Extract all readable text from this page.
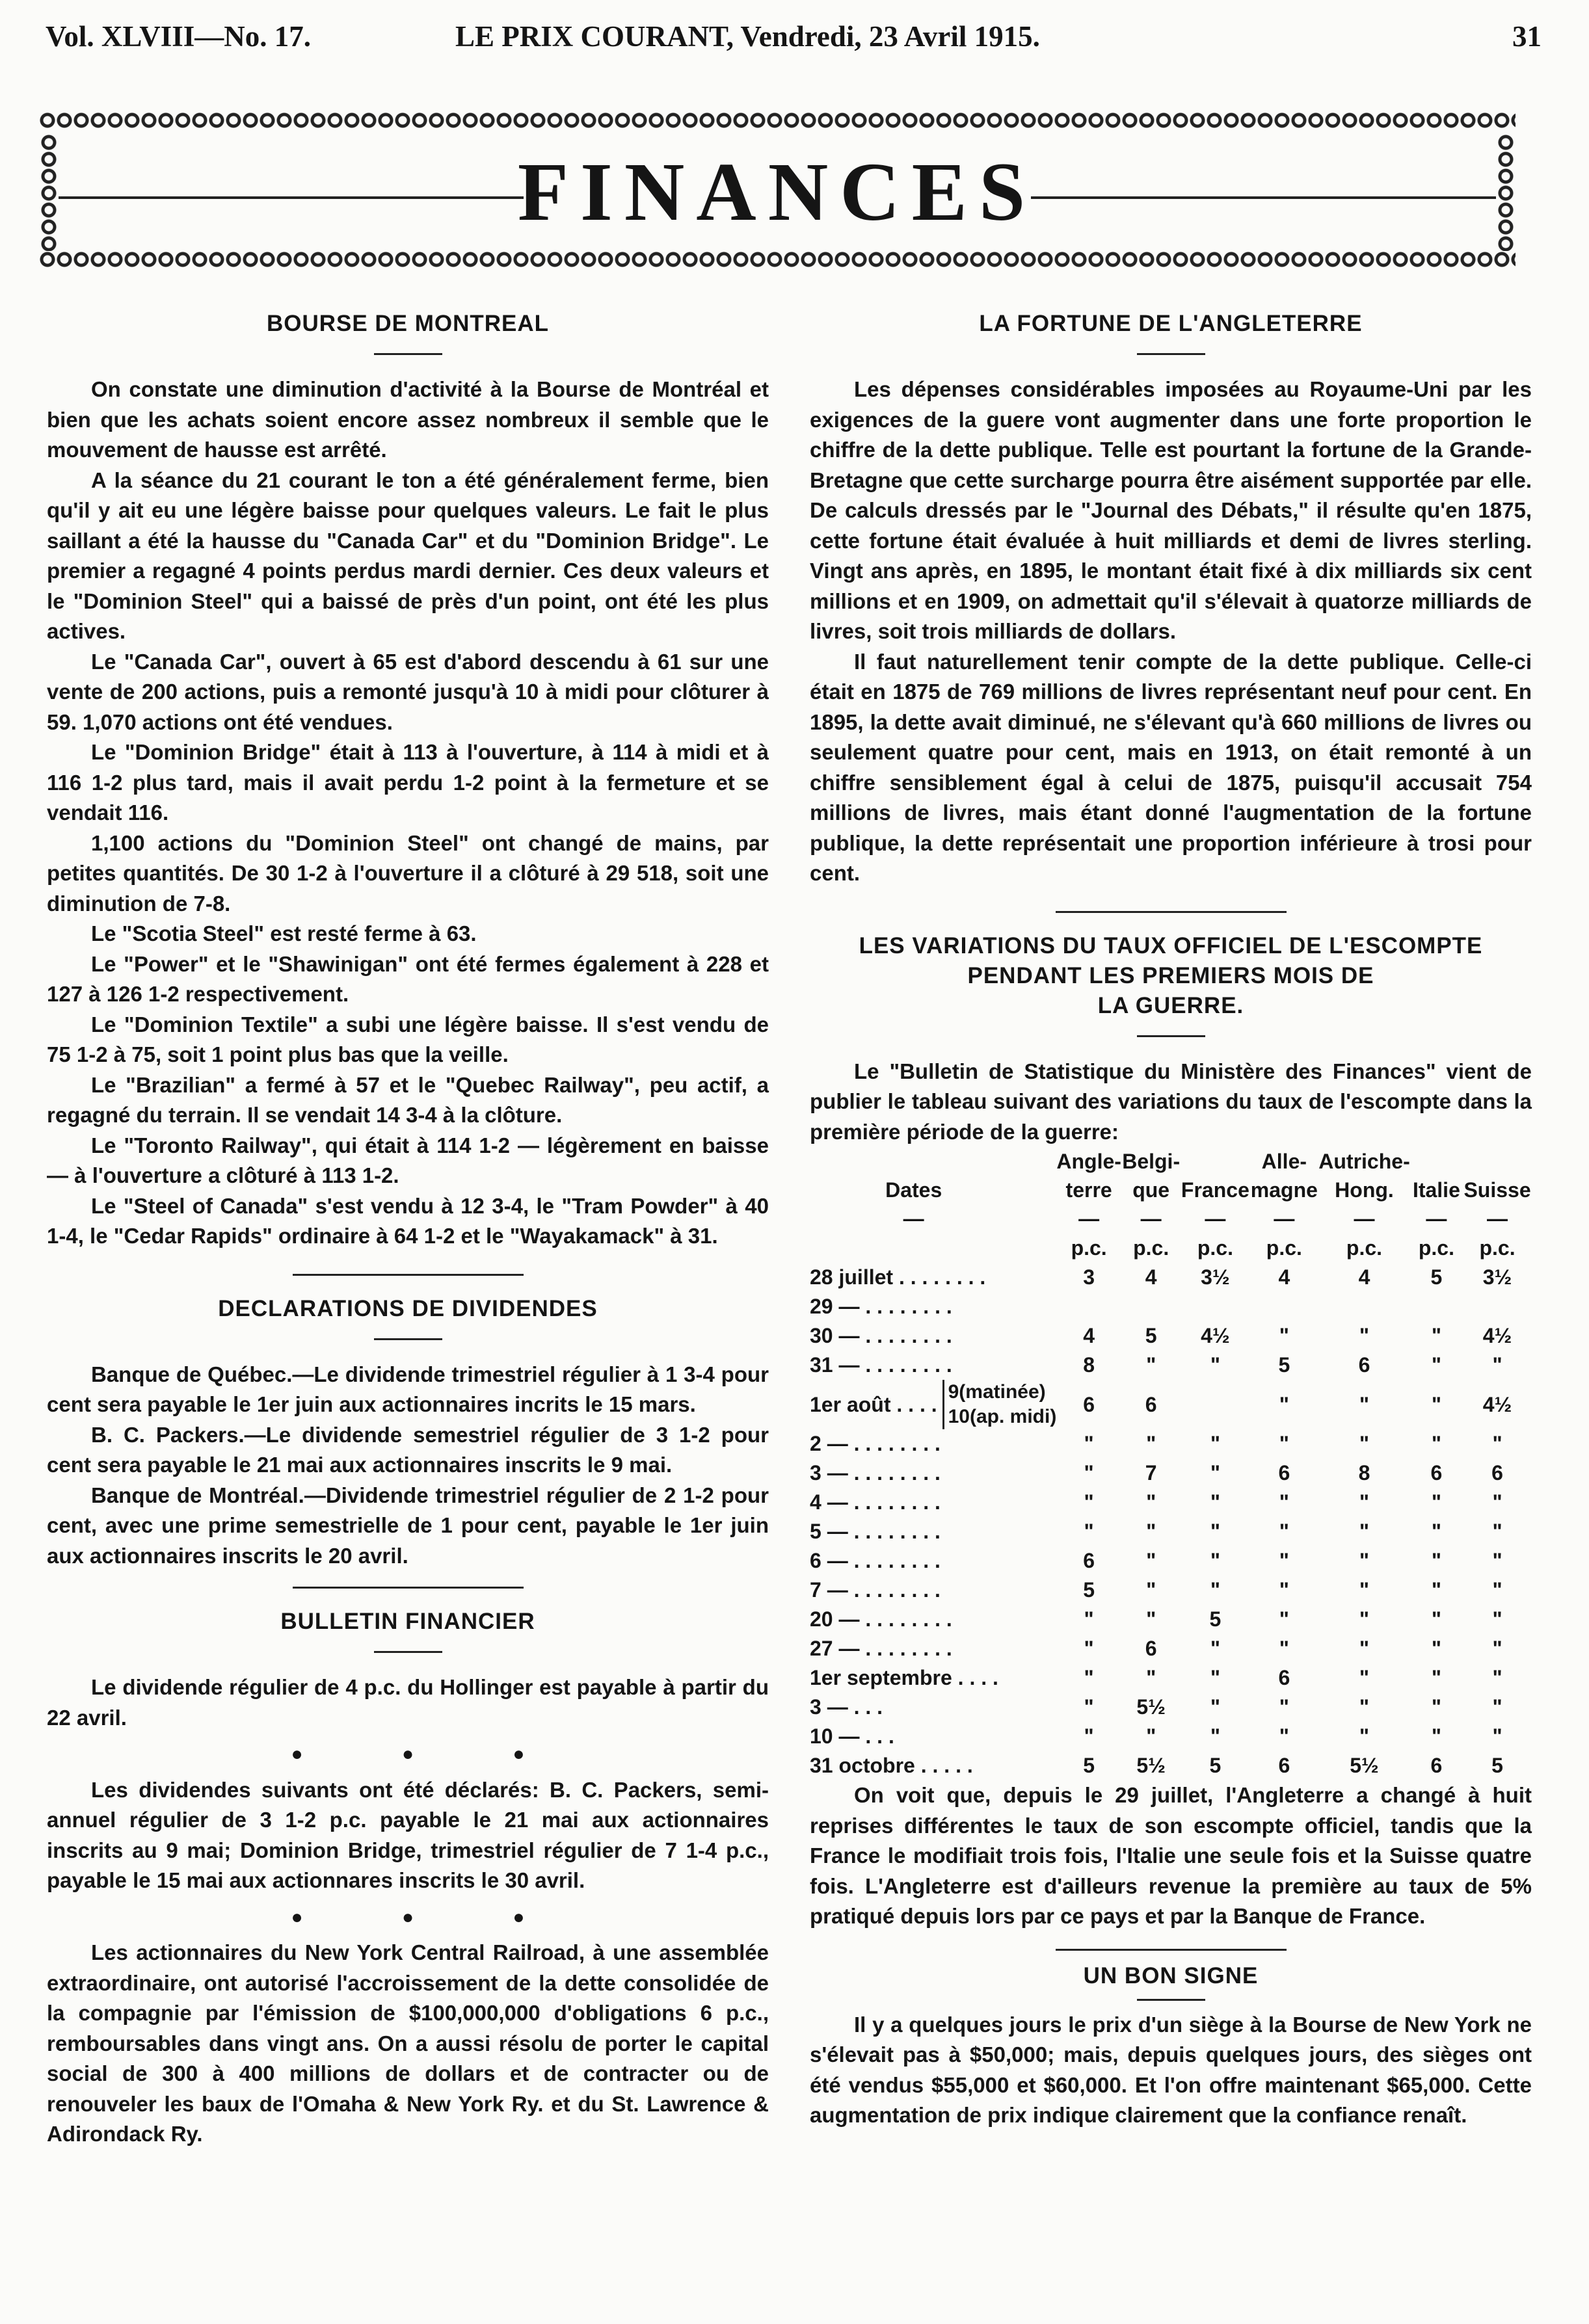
Vol. XLVIII—No. 17.	LE PRIX COURANT, Vendredi, 23 Avril 1915.	31
FINANCES
BOURSE DE MONTREAL

On constate une diminution d'activité à la Bourse de Montréal et bien que les achats soient encore assez nombreux il semble que le mouvement de hausse est arrêté.

A la séance du 21 courant le ton a été généralement ferme, bien qu'il y ait eu une légère baisse pour quelques valeurs. Le fait le plus saillant a été la hausse du "Canada Car" et du "Dominion Bridge". Le premier a regagné 4 points perdus mardi dernier. Ces deux valeurs et le "Dominion Steel" qui a baissé de près d'un point, ont été les plus actives.

Le "Canada Car", ouvert à 65 est d'abord descendu à 61 sur une vente de 200 actions, puis a remonté jusqu'à 10 à midi pour clôturer à 59. 1,070 actions ont été vendues.

Le "Dominion Bridge" était à 113 à l'ouverture, à 114 à midi et à 116 1-2 plus tard, mais il avait perdu 1-2 point à la fermeture et se vendait 116.

1,100 actions du "Dominion Steel" ont changé de mains, par petites quantités. De 30 1-2 à l'ouverture il a clôturé à 29 518, soit une diminution de 7-8.

Le "Scotia Steel" est resté ferme à 63.

Le "Power" et le "Shawinigan" ont été fermes également à 228 et 127 à 126 1-2 respectivement.

Le "Dominion Textile" a subi une légère baisse. Il s'est vendu de 75 1-2 à 75, soit 1 point plus bas que la veille.

Le "Brazilian" a fermé à 57 et le "Quebec Railway", peu actif, a regagné du terrain. Il se vendait 14 3-4 à la clôture.

Le "Toronto Railway", qui était à 114 1-2 — légèrement en baisse — à l'ouverture a clôturé à 113 1-2.

Le "Steel of Canada" s'est vendu à 12 3-4, le "Tram Powder" à 40 1-4, le "Cedar Rapids" ordinaire à 64 1-2 et le "Wayakamack" à 31.

DECLARATIONS DE DIVIDENDES

Banque de Québec.—Le dividende trimestriel régulier à 1 3-4 pour cent sera payable le 1er juin aux actionnaires incrits le 15 mars.

B. C. Packers.—Le dividende semestriel régulier de 3 1-2 pour cent sera payable le 21 mai aux actionnaires inscrits le 9 mai.

Banque de Montréal.—Dividende trimestriel régulier de 2 1-2 pour cent, avec une prime semestrielle de 1 pour cent, payable le 1er juin aux actionnaires inscrits le 20 avril.

BULLETIN FINANCIER

Le dividende régulier de 4 p.c. du Hollinger est payable à partir du 22 avril.

● ● ●

Les dividendes suivants ont été déclarés: B. C. Packers, semi-annuel régulier de 3 1-2 p.c. payable le 21 mai aux actionnaires inscrits au 9 mai; Dominion Bridge, trimestriel régulier de 7 1-4 p.c., payable le 15 mai aux actionnares inscrits le 30 avril.

● ● ●

Les actionnaires du New York Central Railroad, à une assemblée extraordinaire, ont autorisé l'accroissement de la dette consolidée de la compagnie par l'émission de $100,000,000 d'obligations 6 p.c., remboursables dans vingt ans. On a aussi résolu de porter le capital social de 300 à 400 millions de dollars et de contracter ou de renouveler les baux de l'Omaha & New York Ry. et du St. Lawrence & Adirondack Ry.

LA FORTUNE DE L'ANGLETERRE

Les dépenses considérables imposées au Royaume-Uni par les exigences de la guere vont augmenter dans une forte proportion le chiffre de la dette publique. Telle est pourtant la fortune de la Grande-Bretagne que cette surcharge pourra être aisément supportée par elle. De calculs dressés par le "Journal des Débats," il résulte qu'en 1875, cette fortune était évaluée à huit milliards et demi de livres sterling. Vingt ans après, en 1895, le montant était fixé à dix milliards six cent millions et en 1909, on admettait qu'il s'élevait à quatorze milliards de livres, soit trois milliards de dollars.

Il faut naturellement tenir compte de la dette publique. Celle-ci était en 1875 de 769 millions de livres représentant neuf pour cent. En 1895, la dette avait diminué, ne s'élevant qu'à 660 millions de livres ou seulement quatre pour cent, mais en 1913, on était remonté à un chiffre sensiblement égal à celui de 1875, puisqu'il accusait 754 millions de livres, mais étant donné l'augmentation de la fortune publique, la dette représentait une proportion inférieure à trosi pour cent.

LES VARIATIONS DU TAUX OFFICIEL DE L'ESCOMPTE
PENDANT LES PREMIERS MOIS DE
LA GUERRE.

Le "Bulletin de Statistique du Ministère des Finances" vient de publier le tableau suivant des variations du taux de l'escompte dans la première période de la guerre:

	Angle-	Belgi-		Alle-	Autriche-		
Dates	terre	que	France	magne	Hong.	Italie	Suisse
—	—	—	—	—	—	—	—
	p.c.	p.c.	p.c.	p.c.	p.c.	p.c.	p.c.
28 juillet . . . . . . . .	3	4	3½	4	4	5	3½
29 — . . . . . . . .							
30 — . . . . . . . .	4	5	4½	"	"	"	4½
31 — . . . . . . . .	8	"	"	5	6	"	"

1er août . . . .
9(matinée)
10(ap. midi)	6	6		"	"	"	4½
2 — . . . . . . . .	"	"	"	"	"	"	"
3 — . . . . . . . .	"	7	"	6	8	6	6
4 — . . . . . . . .	"	"	"	"	"	"	"
5 — . . . . . . . .	"	"	"	"	"	"	"
6 — . . . . . . . .	6	"	"	"	"	"	"
7 — . . . . . . . .	5	"	"	"	"	"	"
20 — . . . . . . . .	"	"	5	"	"	"	"
27 — . . . . . . . .	"	6	"	"	"	"	"
1er septembre . . . .	"	"	"	6	"	"	"
3 — . . .	"	5½	"	"	"	"	"
10 — . . .	"	"	"	"	"	"	"
31 octobre . . . . .	5	5½	5	6	5½	6	5

On voit que, depuis le 29 juillet, l'Angleterre a changé à huit reprises différentes le taux de son escompte officiel, tandis que la France le modifiait trois fois, l'Italie une seule fois et la Suisse quatre fois. L'Angleterre est d'ailleurs revenue la première au taux de 5% pratiqué depuis lors par ce pays et par la Banque de France.

UN BON SIGNE

Il y a quelques jours le prix d'un siège à la Bourse de New York ne s'élevait pas à $50,000; mais, depuis quelques jours, des sièges ont été vendus $55,000 et $60,000. Et l'on offre maintenant $65,000. Cette augmentation de prix indique clairement que la confiance renaît.
